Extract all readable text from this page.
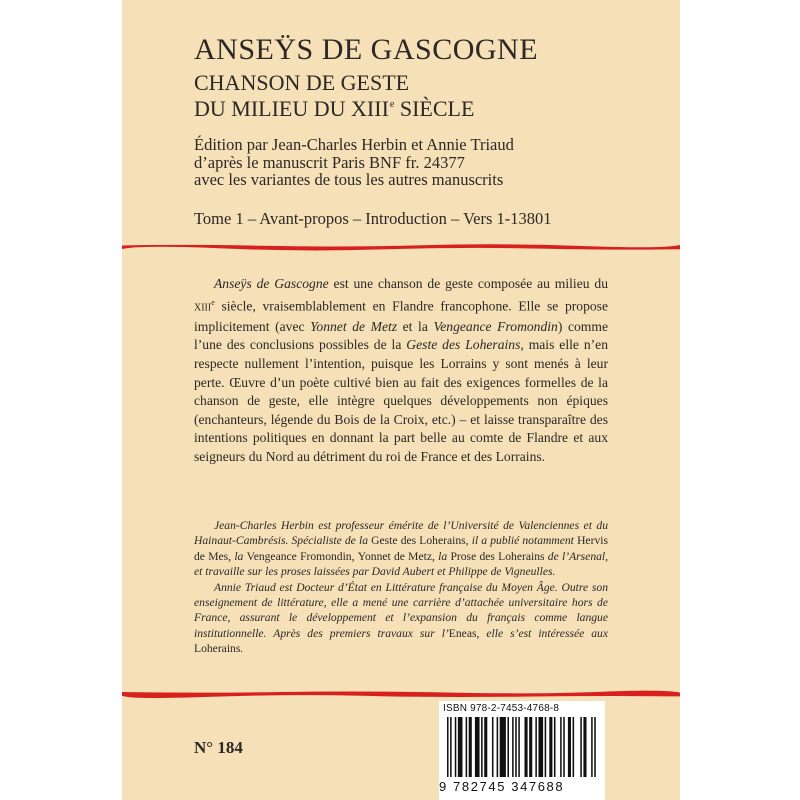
ANSEŸS DE GASCOGNE
CHANSON DE GESTE
DU MILIEU DU XIIIe SIÈCLE
Édition par Jean-Charles Herbin et Annie Triaud
d’après le manuscrit Paris BNF fr. 24377
avec les variantes de tous les autres manuscrits
Tome 1 – Avant-propos – Introduction – Vers 1-13801

Anseÿs de Gascogne est une chanson de geste composée au milieu du XIIIe siècle, vraisemblablement en Flandre francophone. Elle se propose implicitement (avec Yonnet de Metz et la Vengeance Fromondin) comme l’une des conclusions possibles de la Geste des Loherains, mais elle n’en respecte nullement l’intention, puisque les Lorrains y sont menés à leur perte. Œuvre d’un poète cultivé bien au fait des exigences formelles de la chanson de geste, elle intègre quelques développements non épiques (enchanteurs, légende du Bois de la Croix, etc.) – et laisse transparaître des intentions politiques en donnant la part belle au comte de Flandre et aux seigneurs du Nord au détriment du roi de France et des Lorrains.

Jean-Charles Herbin est professeur émérite de l’Université de Valenciennes et du Hainaut-Cambrésis. Spécialiste de la Geste des Loherains, il a publié notamment Hervis de Mes, la Vengeance Fromondin, Yonnet de Metz, la Prose des Loherains de l’Arsenal, et travaille sur les proses laissées par David Aubert et Philippe de Vigneulles.

Annie Triaud est Docteur d’État en Littérature française du Moyen Âge. Outre son enseignement de littérature, elle a mené une carrière d’attachée universitaire hors de France, assurant le développement et l’expansion du français comme langue institutionnelle. Après des premiers travaux sur l’Eneas, elle s’est intéressée aux Loherains.

N° 184
ISBN 978-2-7453-4768-8
9 782745 347688
